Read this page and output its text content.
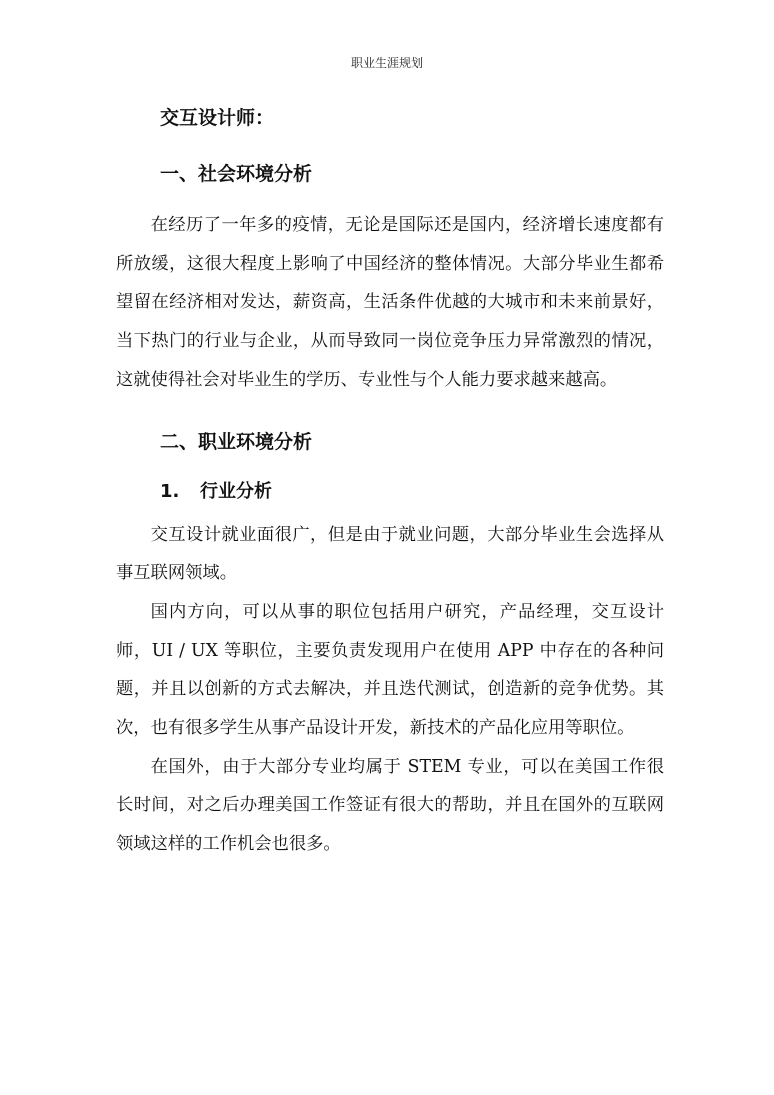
职业生涯规划
交互设计师：
一、社会环境分析

在经历了一年多的疫情，无论是国际还是国内，经济增长速度都有所放缓，这很大程度上影响了中国经济的整体情况。大部分毕业生都希望留在经济相对发达，薪资高，生活条件优越的大城市和未来前景好，当下热门的行业与企业，从而导致同一岗位竞争压力异常激烈的情况，这就使得社会对毕业生的学历、专业性与个人能力要求越来越高。

二、职业环境分析
1.	行业分析

交互设计就业面很广，但是由于就业问题，大部分毕业生会选择从事互联网领域。

国内方向，可以从事的职位包括用户研究，产品经理，交互设计师，UI / UX 等职位，主要负责发现用户在使用 APP 中存在的各种问题，并且以创新的方式去解决，并且迭代测试，创造新的竞争优势。其次，也有很多学生从事产品设计开发，新技术的产品化应用等职位。

在国外，由于大部分专业均属于 STEM 专业，可以在美国工作很长时间，对之后办理美国工作签证有很大的帮助，并且在国外的互联网领域这样的工作机会也很多。
